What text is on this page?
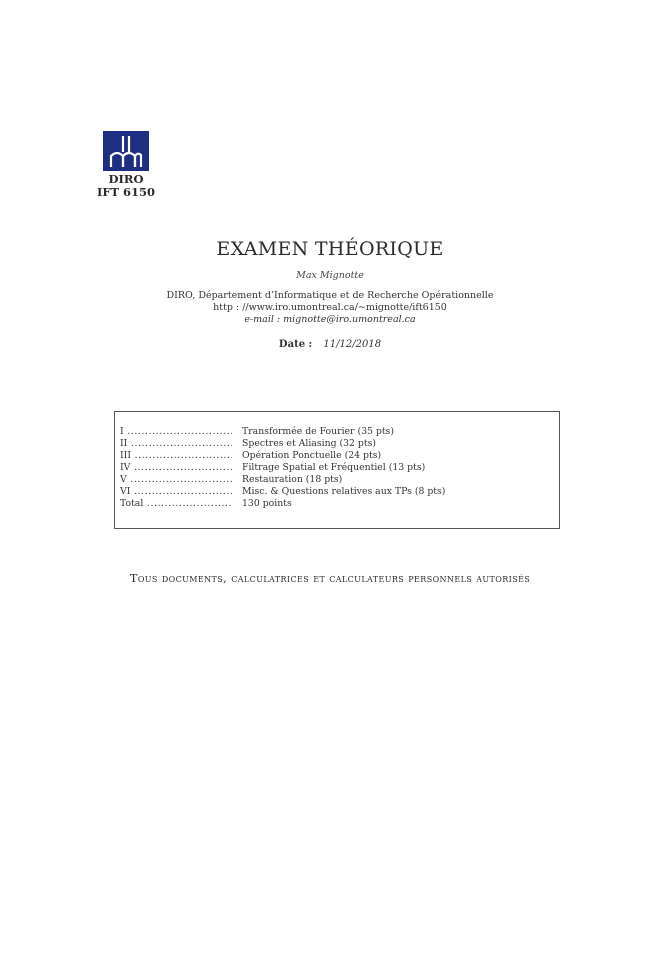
DIRO
IFT 6150
EXAMEN THÉORIQUE
Max Mignotte
DIRO, Département d’Informatique et de Recherche Opérationnelle
http : //www.iro.umontreal.ca/∼mignotte/ift6150
e-mail : mignotte@iro.umontreal.ca
Date : 11/12/2018
I .....	Transformée de Fourier (35 pts)
II .....	Spectres et Aliasing (32 pts)
III .....	Opération Ponctuelle (24 pts)
IV .....	Filtrage Spatial et Fréquentiel (13 pts)
V .....	Restauration (18 pts)
VI .....	Misc. & Questions relatives aux TPs (8 pts)
Total .....	130 points
Tous documents, calculatrices et calculateurs personnels autorisés
